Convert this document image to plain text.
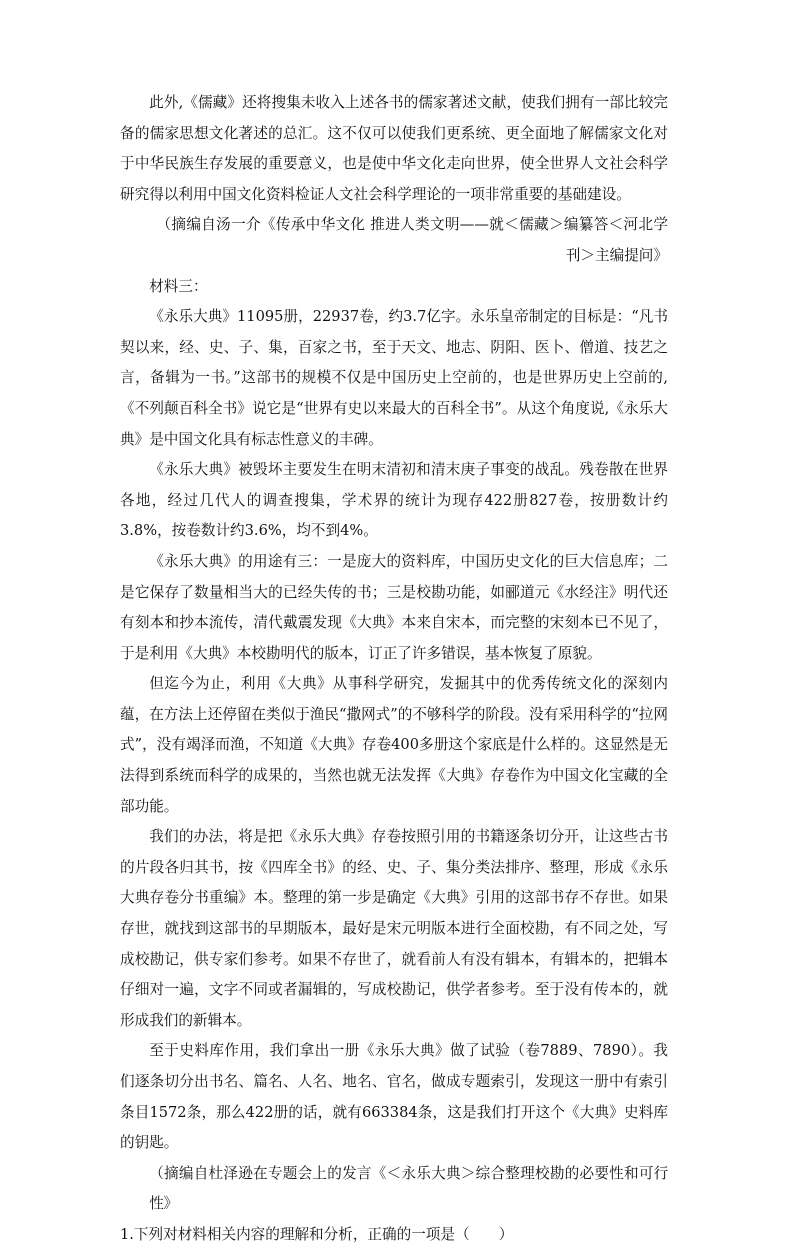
此外,《儒藏》还将搜集未收入上述各书的儒家著述文献，使我们拥有一部比较完备的儒家思想文化著述的总汇。这不仅可以使我们更系统、更全面地了解儒家文化对于中华民族生存发展的重要意义，也是使中华文化走向世界，使全世界人文社会科学研究得以利用中国文化资料检证人文社会科学理论的一项非常重要的基础建设。

（摘编自汤一介《传承中华文化 推进人类文明——就＜儒藏＞编纂答＜河北学刊＞主编提问》

材料三：

《永乐大典》11095册，22937卷，约3.7亿字。永乐皇帝制定的目标是：“凡书契以来，经、史、子、集，百家之书，至于天文、地志、阴阳、医卜、僧道、技艺之言，备辑为一书。”这部书的规模不仅是中国历史上空前的，也是世界历史上空前的,《不列颠百科全书》说它是“世界有史以来最大的百科全书”。从这个角度说,《永乐大典》是中国文化具有标志性意义的丰碑。

《永乐大典》被毁坏主要发生在明末清初和清末庚子事变的战乱。残卷散在世界各地，经过几代人的调查搜集，学术界的统计为现存422册827卷，按册数计约3.8%，按卷数计约3.6%，均不到4%。

《永乐大典》的用途有三：一是庞大的资料库，中国历史文化的巨大信息库；二是它保存了数量相当大的已经失传的书；三是校勘功能，如郦道元《水经注》明代还有刻本和抄本流传，清代戴震发现《大典》本来自宋本，而完整的宋刻本已不见了，于是利用《大典》本校勘明代的版本，订正了许多错误，基本恢复了原貌。

但迄今为止，利用《大典》从事科学研究，发掘其中的优秀传统文化的深刻内蕴，在方法上还停留在类似于渔民“撒网式”的不够科学的阶段。没有采用科学的“拉网式”，没有竭泽而渔，不知道《大典》存卷400多册这个家底是什么样的。这显然是无法得到系统而科学的成果的，当然也就无法发挥《大典》存卷作为中国文化宝藏的全部功能。

我们的办法，将是把《永乐大典》存卷按照引用的书籍逐条切分开，让这些古书的片段各归其书，按《四库全书》的经、史、子、集分类法排序、整理，形成《永乐大典存卷分书重编》本。整理的第一步是确定《大典》引用的这部书存不存世。如果存世，就找到这部书的早期版本，最好是宋元明版本进行全面校勘，有不同之处，写成校勘记，供专家们参考。如果不存世了，就看前人有没有辑本，有辑本的，把辑本仔细对一遍，文字不同或者漏辑的，写成校勘记，供学者参考。至于没有传本的，就形成我们的新辑本。

至于史料库作用，我们拿出一册《永乐大典》做了试验（卷7889、7890）。我们逐条切分出书名、篇名、人名、地名、官名，做成专题索引，发现这一册中有索引条目1572条，那么422册的话，就有663384条，这是我们打开这个《大典》史料库的钥匙。

（摘编自杜泽逊在专题会上的发言《＜永乐大典＞综合整理校勘的必要性和可行性》

1.下列对材料相关内容的理解和分析，正确的一项是（　　）
